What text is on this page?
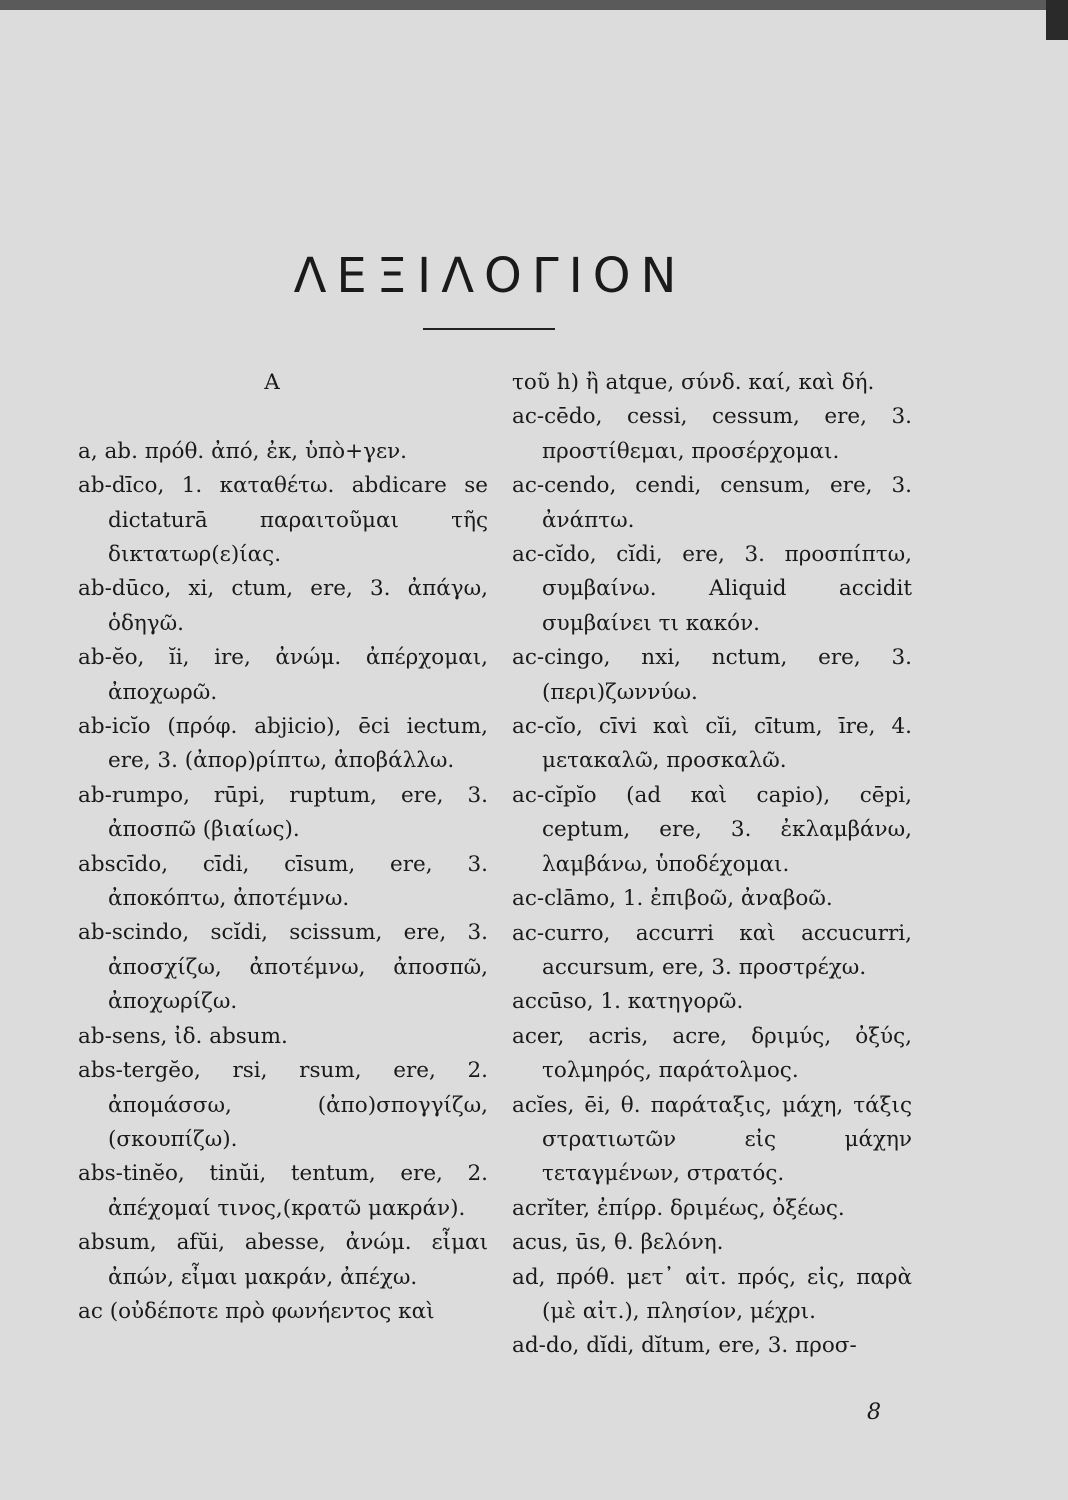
ΛΕΞΙΛΟΓΙΟΝ
A

a, ab. πρόθ. ἀπό, ἐκ, ὑπὸ+γεν.

ab-dīco, 1. καταθέτω. abdicare se dictaturā παραιτοῦμαι τῆς δικτατωρ(ε)ίας.

ab-dūco, xi, ctum, ere, 3. ἀπάγω, ὁδηγῶ.

ab-ĕo, ĭi, ire, ἀνώμ. ἀπέρχομαι, ἀποχωρῶ.

ab-icĭo (πρόφ. abjicio), ēci iectum, ere, 3. (ἀπορ)ρίπτω, ἀποβάλλω.

ab-rumpo, rūpi, ruptum, ere, 3. ἀποσπῶ (βιαίως).

abscīdo, cīdi, cīsum, ere, 3. ἀποκόπτω, ἀποτέμνω.

ab-scindo, scĭdi, scissum, ere, 3. ἀποσχίζω, ἀποτέμνω, ἀποσπῶ, ἀποχωρίζω.

ab-sens, ἰδ. absum.

abs-tergĕo, rsi, rsum, ere, 2. ἀπομάσσω, (ἀπο)σπογγίζω, (σκουπίζω).

abs-tinĕo, tinŭi, tentum, ere, 2. ἀπέχομαί τινος,(κρατῶ μακράν).

absum, afŭi, abesse, ἀνώμ. εἶμαι ἀπών, εἶμαι μακράν, ἀπέχω.

ac (οὐδέποτε πρὸ φωνήεντος καὶ

τοῦ h) ἢ atque, σύνδ. καί, καὶ δή.

ac-cēdo, cessi, cessum, ere, 3. προστίθεμαι, προσέρχομαι.

ac-cendo, cendi, censum, ere, 3. ἀνάπτω.

ac-cĭdo, cĭdi, ere, 3. προσπίπτω, συμβαίνω. Aliquid accidit συμβαίνει τι κακόν.

ac-cingo, nxi, nctum, ere, 3. (περι)ζωννύω.

ac-cĭo, cīvi καὶ cĭi, cītum, īre, 4. μετακαλῶ, προσκαλῶ.

ac-cĭpĭo (ad καὶ capio), cēpi, ceptum, ere, 3. ἐκλαμβάνω, λαμβάνω, ὑποδέχομαι.

ac-clāmo, 1. ἐπιβοῶ, ἀναβοῶ.

ac-curro, accurri καὶ accucurri, accursum, ere, 3. προστρέχω.

accūso, 1. κατηγορῶ.

acer, acris, acre, δριμύς, ὀξύς, τολμηρός, παράτολμος.

acĭes, ēi, θ. παράταξις, μάχη, τάξις στρατιωτῶν εἰς μάχην τεταγμένων, στρατός.

acrĭter, ἐπίρρ. δριμέως, ὀξέως.

acus, ūs, θ. βελόνη.

ad, πρόθ. μετ᾿ αἰτ. πρός, εἰς, παρὰ (μὲ αἰτ.), πλησίον, μέχρι.

ad-do, dĭdi, dĭtum, ere, 3. προσ-

8
